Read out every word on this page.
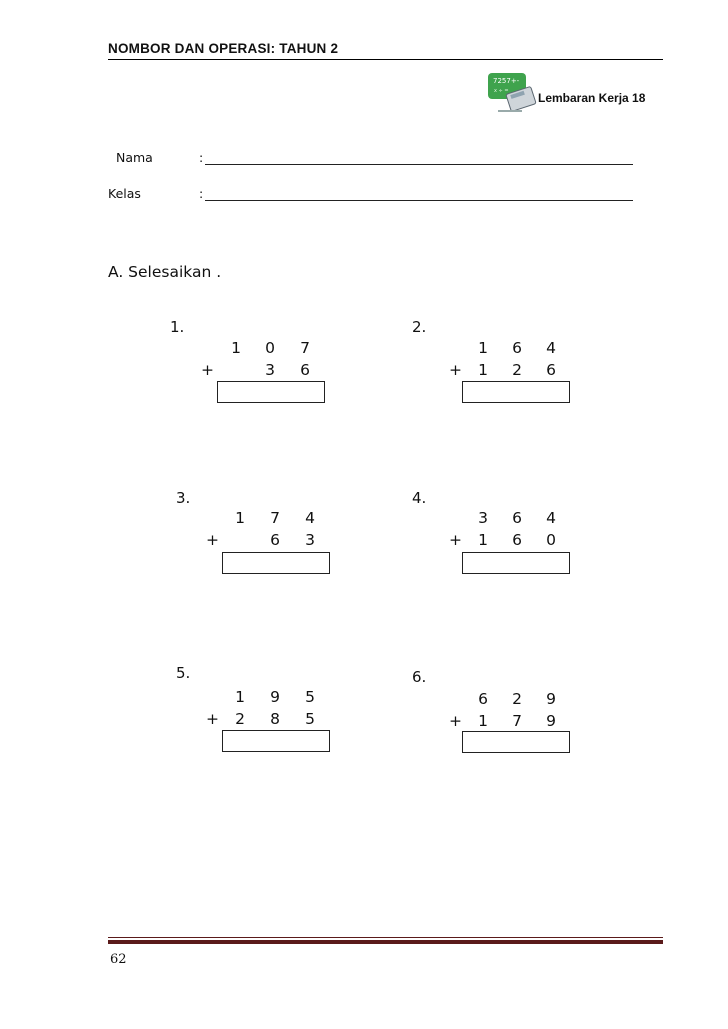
NOMBOR DAN OPERASI: TAHUN 2
7257+-
x ÷ = Lembaran Kerja 18
Nama	:
Kelas	:
A. Selesaikan .
1.
1 0 7
+	3 6
2.
1 6 4
+ 1 2 6
3.
1 7 4
+	6 3
4.
3 6 4
+ 1 6 0
5.
1 9 5
+ 2 8 5
6.
6 2 9
+ 1 7 9
62
